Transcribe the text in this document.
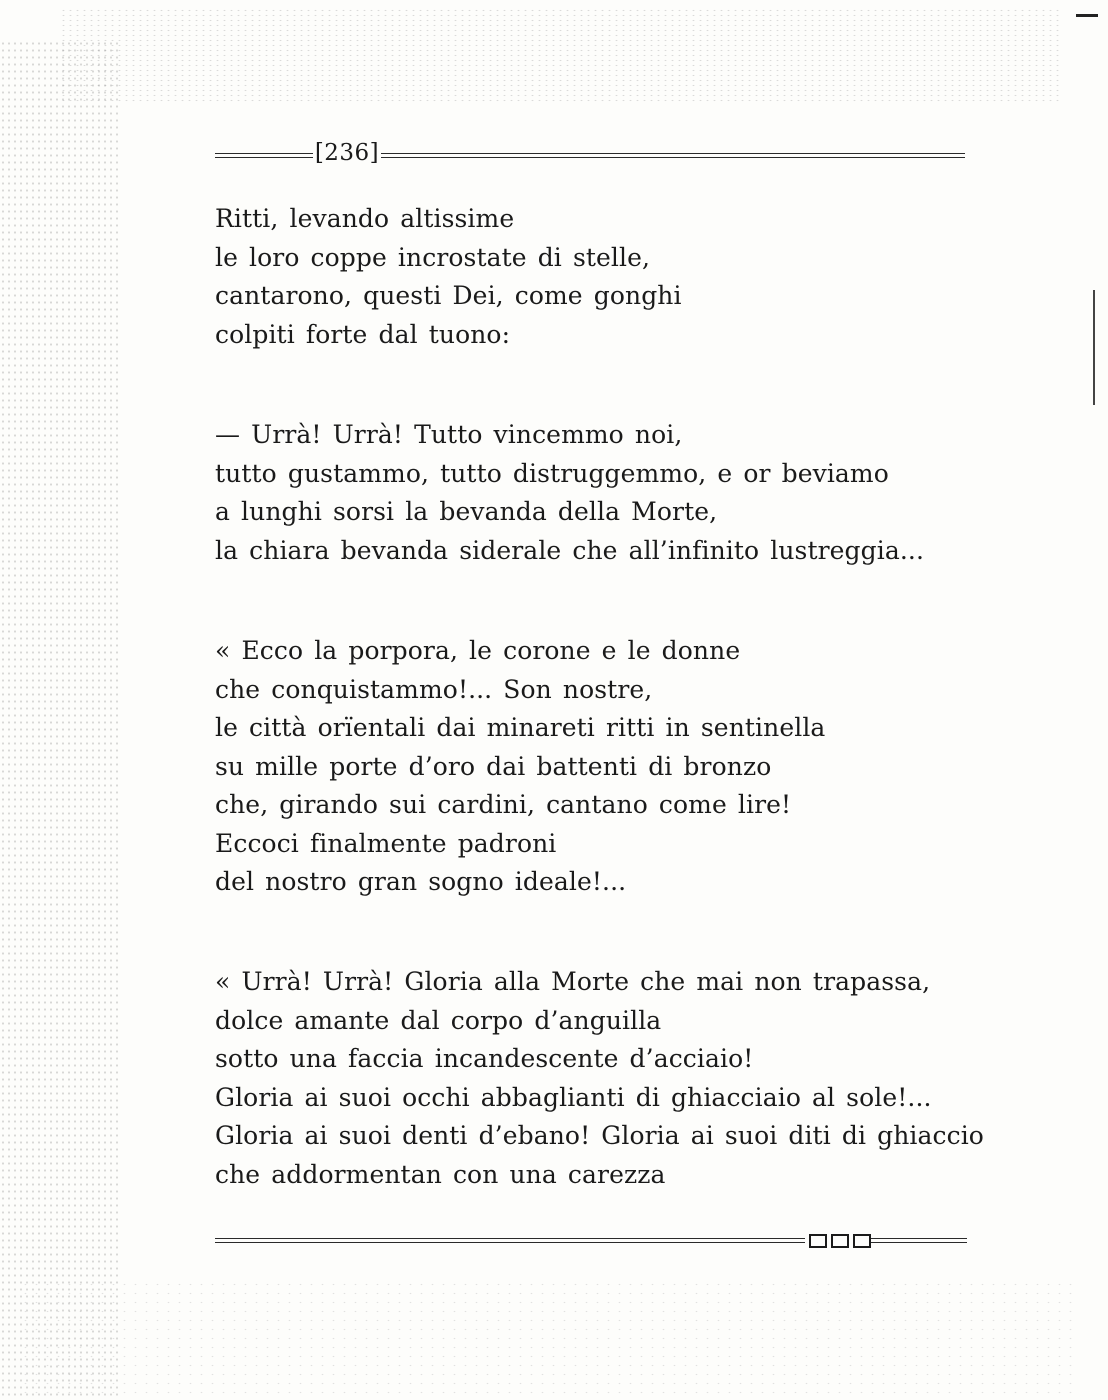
[236]
Ritti, levando altissime
le loro coppe incrostate di stelle,
cantarono, questi Dei, come gonghi
colpiti forte dal tuono:
— Urrà! Urrà! Tutto vincemmo noi,
tutto gustammo, tutto distruggemmo, e or beviamo
a lunghi sorsi la bevanda della Morte,
la chiara bevanda siderale che all’infinito lustreggia...
« Ecco la porpora, le corone e le donne
che conquistammo!... Son nostre,
le città orïentali dai minareti ritti in sentinella
su mille porte d’oro dai battenti di bronzo
che, girando sui cardini, cantano come lire!
Eccoci finalmente padroni
del nostro gran sogno ideale!...
« Urrà! Urrà! Gloria alla Morte che mai non trapassa,
dolce amante dal corpo d’anguilla
sotto una faccia incandescente d’acciaio!
Gloria ai suoi occhi abbaglianti di ghiacciaio al sole!...
Gloria ai suoi denti d’ebano! Gloria ai suoi diti di ghiaccio
che addormentan con una carezza
